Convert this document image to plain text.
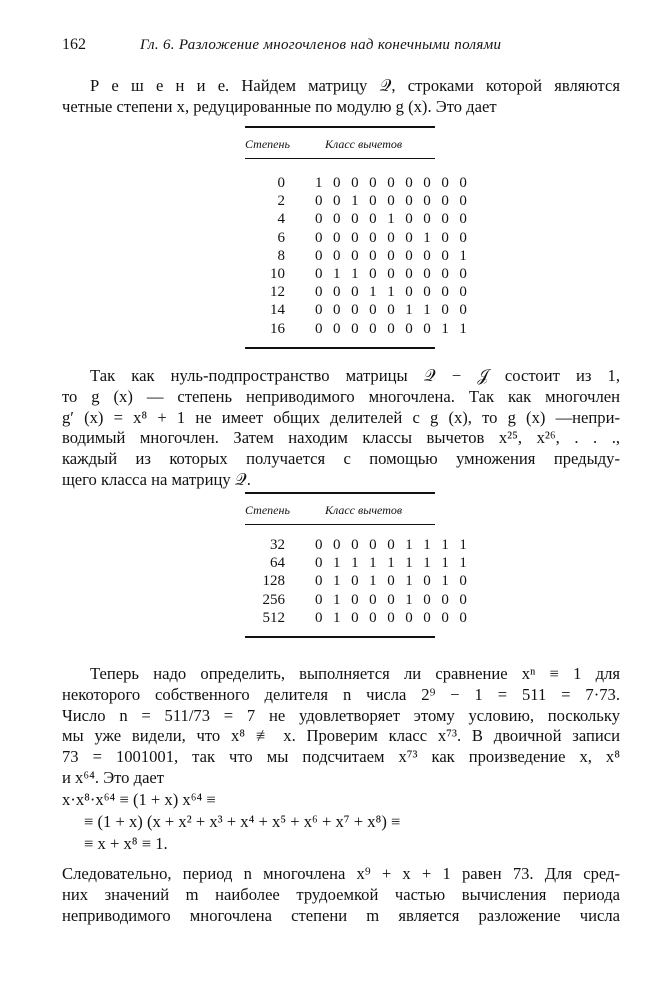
162	Гл. 6. Разложение многочленов над конечными полями
Р е ш е н и е. Найдем матрицу 𝒬, строками которой являются
четные степени x, редуцированные по модулю g (x). Это дает
Степень	Класс вычетов
0 1 0 0 0 0 0 0 0 0
2 0 0 1 0 0 0 0 0 0
4 0 0 0 0 1 0 0 0 0
6 0 0 0 0 0 0 1 0 0
8 0 0 0 0 0 0 0 0 1
10 0 1 1 0 0 0 0 0 0
12 0 0 0 1 1 0 0 0 0
14 0 0 0 0 0 1 1 0 0
16 0 0 0 0 0 0 0 1 1
Так как нуль-подпространство матрицы 𝒬 − 𝒥 состоит из 1,
то g (x) — степень неприводимого многочлена. Так как многочлен
g′ (x) = x⁸ + 1 не имеет общих делителей с g (x), то g (x) —непри-
водимый многочлен. Затем находим классы вычетов x²⁵, x²⁶, . . .,
каждый из которых получается с помощью умножения предыду-
щего класса на матрицу 𝒬.
Степень	Класс вычетов
32 0 0 0 0 0 1 1 1 1
64 0 1 1 1 1 1 1 1 1
128 0 1 0 1 0 1 0 1 0
256 0 1 0 0 0 1 0 0 0
512 0 1 0 0 0 0 0 0 0
Теперь надо определить, выполняется ли сравнение xⁿ ≡ 1 для
некоторого собственного делителя n числа 2⁹ − 1 = 511 = 7·73.
Число n = 511/73 = 7 не удовлетворяет этому условию, поскольку
мы уже видели, что x⁸ ≢ x. Проверим класс x⁷³. В двоичной записи
73 = 1001001, так что мы подсчитаем x⁷³ как произведение x, x⁸
и x⁶⁴. Это дает
x·x⁸·x⁶⁴ ≡ (1 + x) x⁶⁴ ≡
≡ (1 + x) (x + x² + x³ + x⁴ + x⁵ + x⁶ + x⁷ + x⁸) ≡
≡ x + x⁸ ≡ 1.
Следовательно, период n многочлена x⁹ + x + 1 равен 73. Для сред-
них значений m наиболее трудоемкой частью вычисления периода
неприводимого многочлена степени m является разложение числа
